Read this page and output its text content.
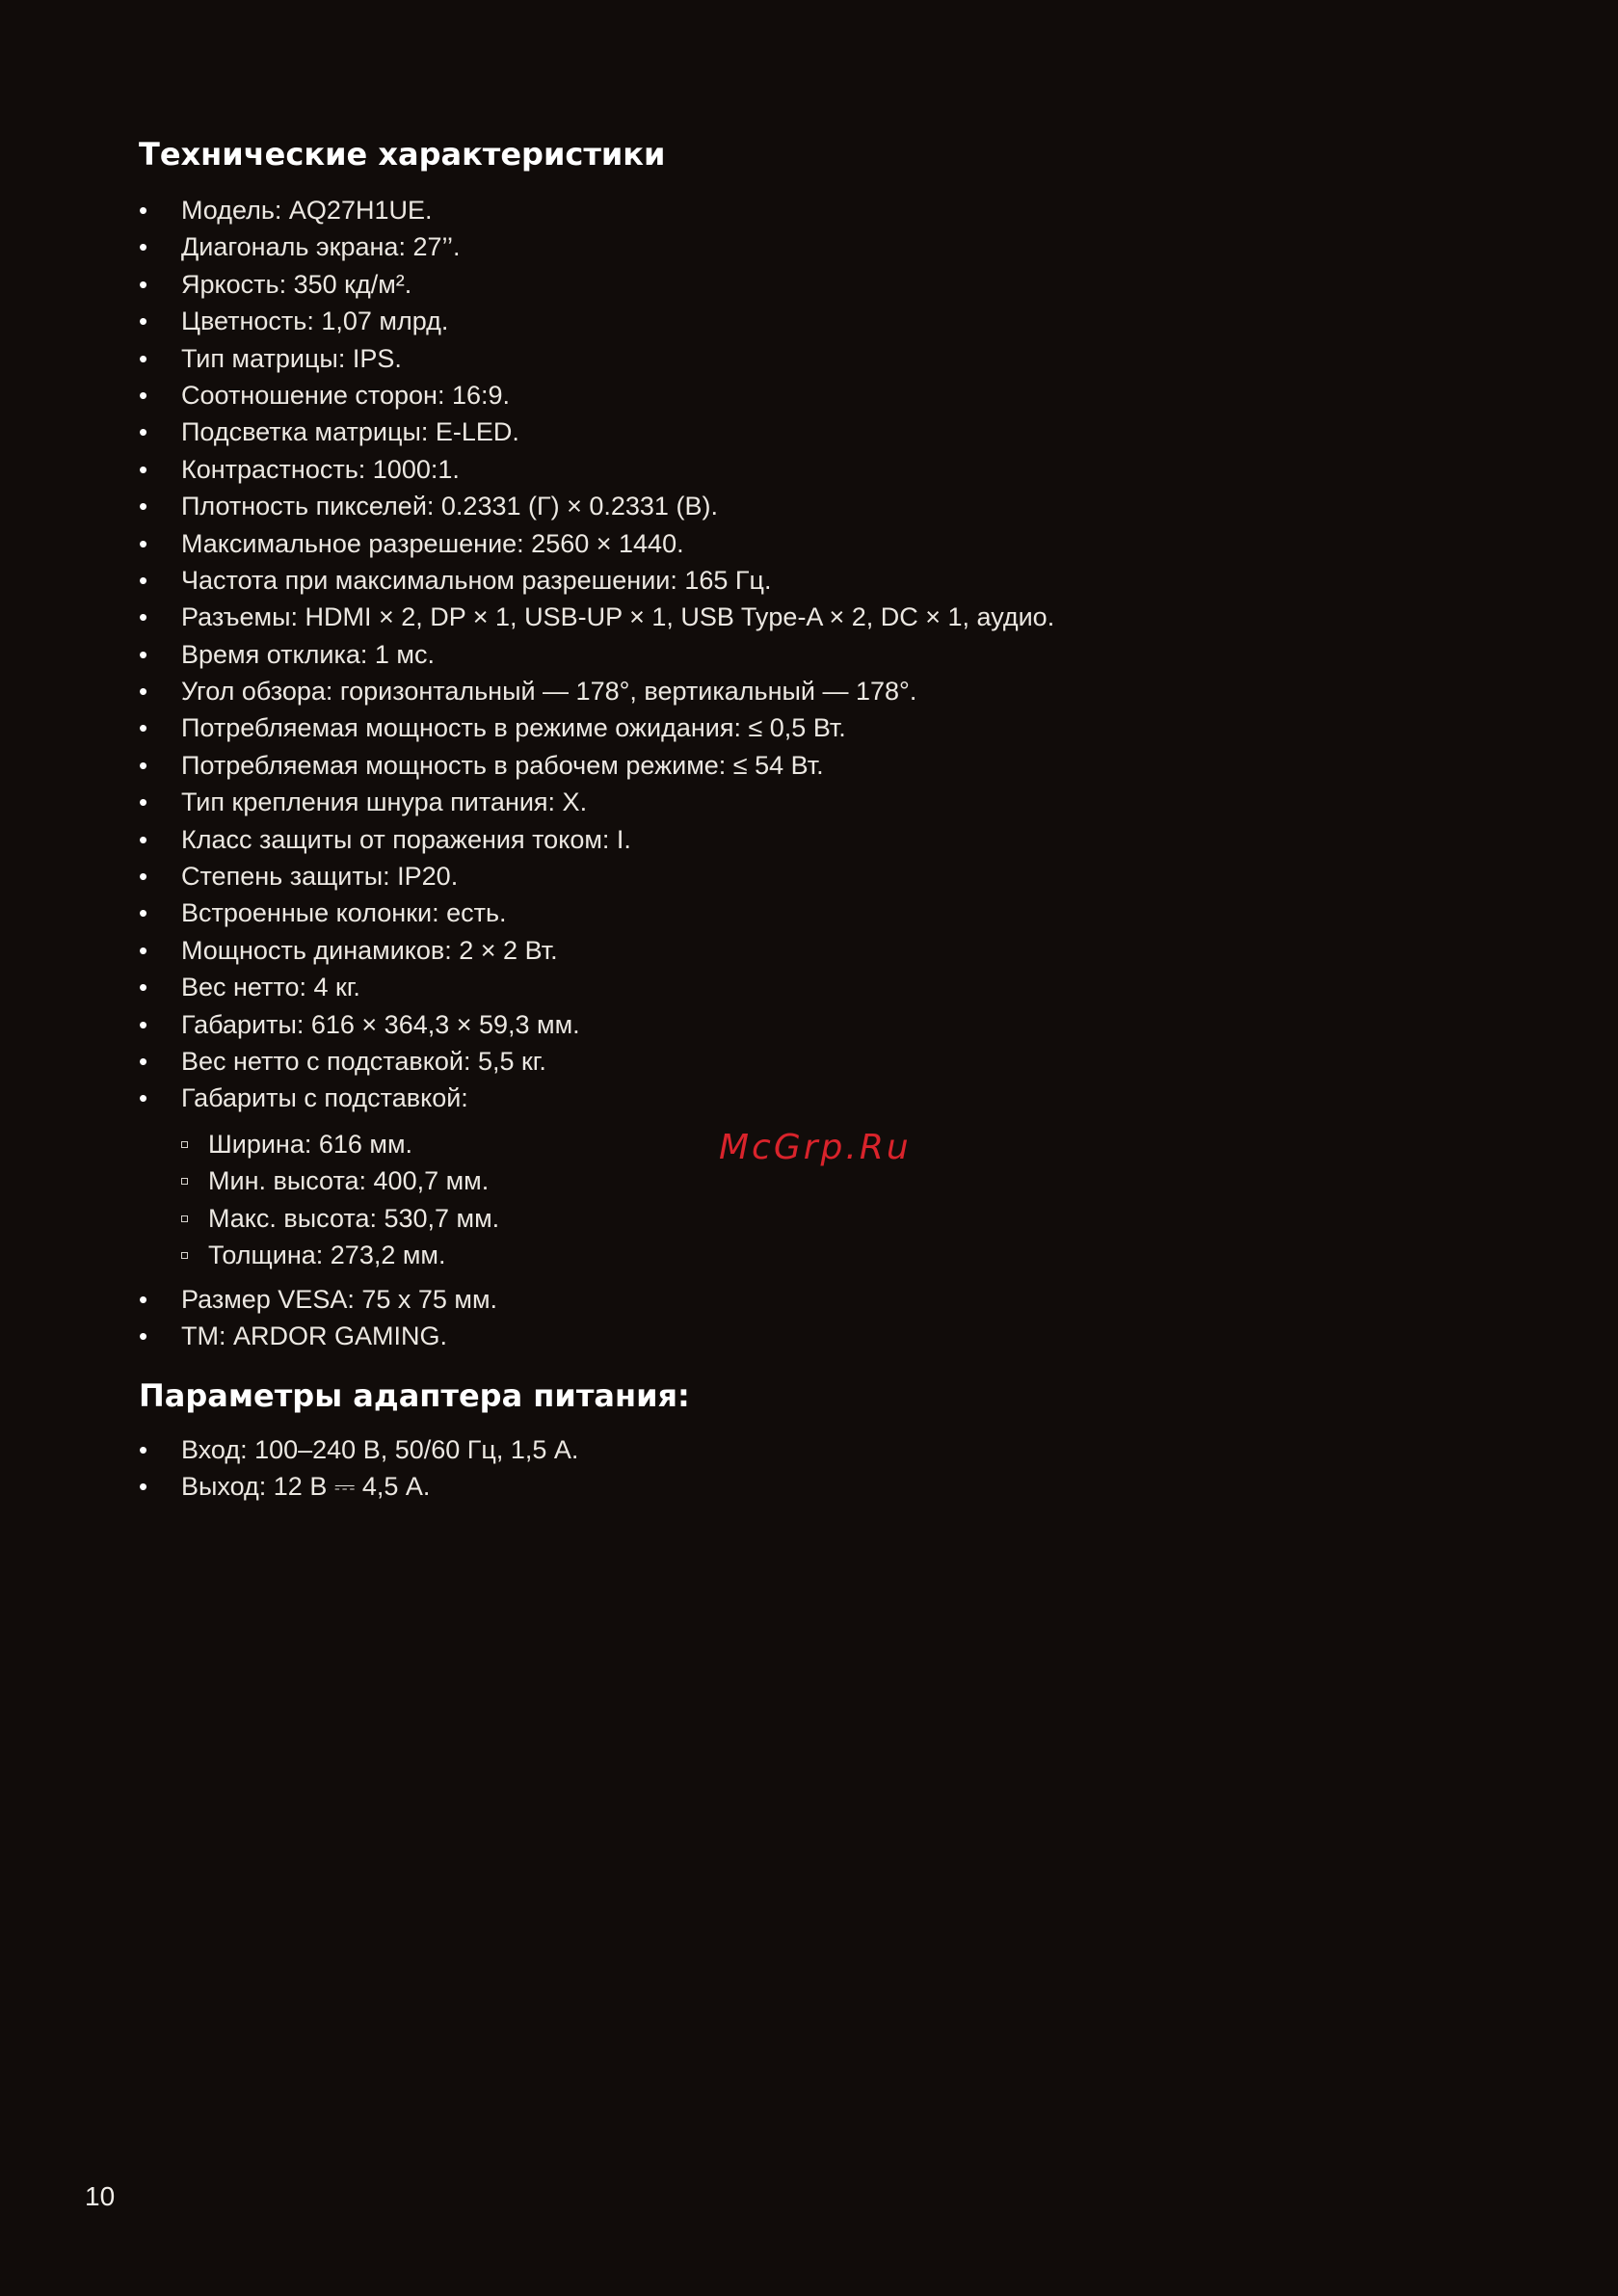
Технические характеристики
•	Модель: AQ27H1UE.
•	Диагональ экрана: 27’’.
•	Яркость: 350 кд/м².
•	Цветность: 1,07 млрд.
•	Тип матрицы: IPS.
•	Соотношение сторон: 16:9.
•	Подсветка матрицы: E-LED.
•	Контрастность: 1000:1.
•	Плотность пикселей: 0.2331 (Г) × 0.2331 (В).
•	Максимальное разрешение: 2560 × 1440.
•	Частота при максимальном разрешении: 165 Гц.
•	Разъемы: HDMI × 2, DP × 1, USB-UP × 1, USB Type-A × 2, DC × 1, аудио.
•	Время отклика: 1 мс.
•	Угол обзора: горизонтальный — 178°, вертикальный — 178°.
•	Потребляемая мощность в режиме ожидания: ≤ 0,5 Вт.
•	Потребляемая мощность в рабочем режиме: ≤ 54 Вт.
•	Тип крепления шнура питания: X.
•	Класс защиты от поражения током: I.
•	Степень защиты: IP20.
•	Встроенные колонки: есть.
•	Мощность динамиков: 2 × 2 Вт.
•	Вес нетто: 4 кг.
•	Габариты: 616 × 364,3 × 59,3 мм.
•	Вес нетто с подставкой: 5,5 кг.
•	Габариты с подставкой:
Ширина: 616 мм.
Мин. высота: 400,7 мм.
Макс. высота: 530,7 мм.
Толщина: 273,2 мм.
•	Размер VESA: 75 x 75 мм.
•	ТМ: ARDOR GAMING.
Параметры адаптера питания:
•	Вход: 100–240 В, 50/60 Гц, 1,5 А.
•	Выход: 12 В ⎓ 4,5 А.
McGrp.Ru
10
